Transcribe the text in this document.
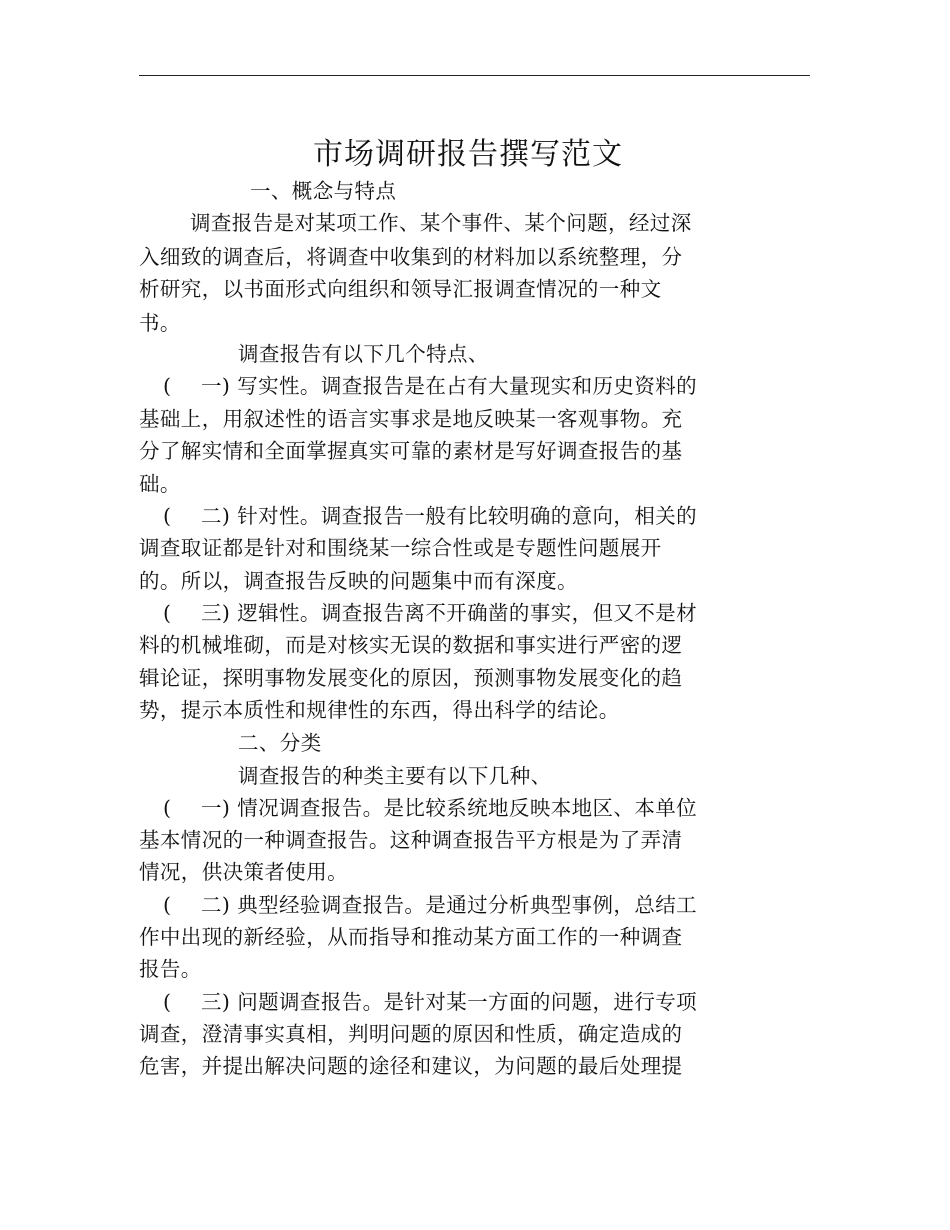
市场调研报告撰写范文
一、概念与特点
调查报告是对某项工作、某个事件、某个问题，经过深
入细致的调查后，将调查中收集到的材料加以系统整理，分
析研究，以书面形式向组织和领导汇报调查情况的一种文
书。
调查报告有以下几个特点、
( 一) 写实性。调查报告是在占有大量现实和历史资料的
基础上，用叙述性的语言实事求是地反映某一客观事物。充
分了解实情和全面掌握真实可靠的素材是写好调查报告的基
础。
( 二) 针对性。调查报告一般有比较明确的意向，相关的
调查取证都是针对和围绕某一综合性或是专题性问题展开
的。所以，调查报告反映的问题集中而有深度。
( 三) 逻辑性。调查报告离不开确凿的事实，但又不是材
料的机械堆砌，而是对核实无误的数据和事实进行严密的逻
辑论证，探明事物发展变化的原因，预测事物发展变化的趋
势，提示本质性和规律性的东西，得出科学的结论。
二、分类
调查报告的种类主要有以下几种、
( 一) 情况调查报告。是比较系统地反映本地区、本单位
基本情况的一种调查报告。这种调查报告平方根是为了弄清
情况，供决策者使用。
( 二) 典型经验调查报告。是通过分析典型事例，总结工
作中出现的新经验，从而指导和推动某方面工作的一种调查
报告。
( 三) 问题调查报告。是针对某一方面的问题，进行专项
调查，澄清事实真相，判明问题的原因和性质，确定造成的
危害，并提出解决问题的途径和建议，为问题的最后处理提
